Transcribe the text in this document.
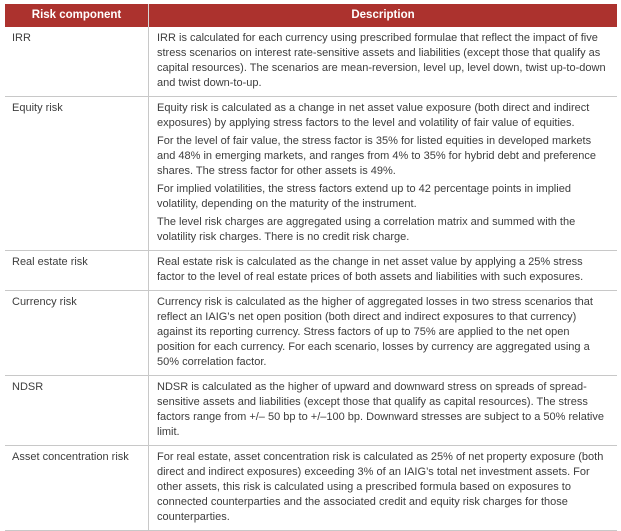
Risk component	Description
IRR	IRR is calculated for each currency using prescribed formulae that reflect the impact of five stress scenarios on interest rate-sensitive assets and liabilities (except those that qualify as capital resources). The scenarios are mean-reversion, level up, level down, twist up-to-down and twist down-to-up.

Equity risk	Equity risk is calculated as a change in net asset value exposure (both direct and indirect exposures) by applying stress factors to the level and volatility of fair value of equities.

For the level of fair value, the stress factor is 35% for listed equities in developed markets and 48% in emerging markets, and ranges from 4% to 35% for hybrid debt and preference shares. The stress factor for other assets is 49%.

For implied volatilities, the stress factors extend up to 42 percentage points in implied volatility, depending on the maturity of the instrument.

The level risk charges are aggregated using a correlation matrix and summed with the volatility risk charges. There is no credit risk charge.

Real estate risk	Real estate risk is calculated as the change in net asset value by applying a 25% stress factor to the level of real estate prices of both assets and liabilities with such exposures.

Currency risk	Currency risk is calculated as the higher of aggregated losses in two stress scenarios that reflect an IAIG’s net open position (both direct and indirect exposures to that currency) against its reporting currency. Stress factors of up to 75% are applied to the net open position for each currency. For each scenario, losses by currency are aggregated using a 50% correlation factor.

NDSR	NDSR is calculated as the higher of upward and downward stress on spreads of spread-sensitive assets and liabilities (except those that qualify as capital resources). The stress factors range from +/– 50 bp to +/–100 bp. Downward stresses are subject to a 50% relative limit.

Asset concentration risk	For real estate, asset concentration risk is calculated as 25% of net property exposure (both direct and indirect exposures) exceeding 3% of an IAIG’s total net investment assets. For other assets, this risk is calculated using a prescribed formula based on exposures to connected counterparties and the associated credit and equity risk charges for those counterparties.
